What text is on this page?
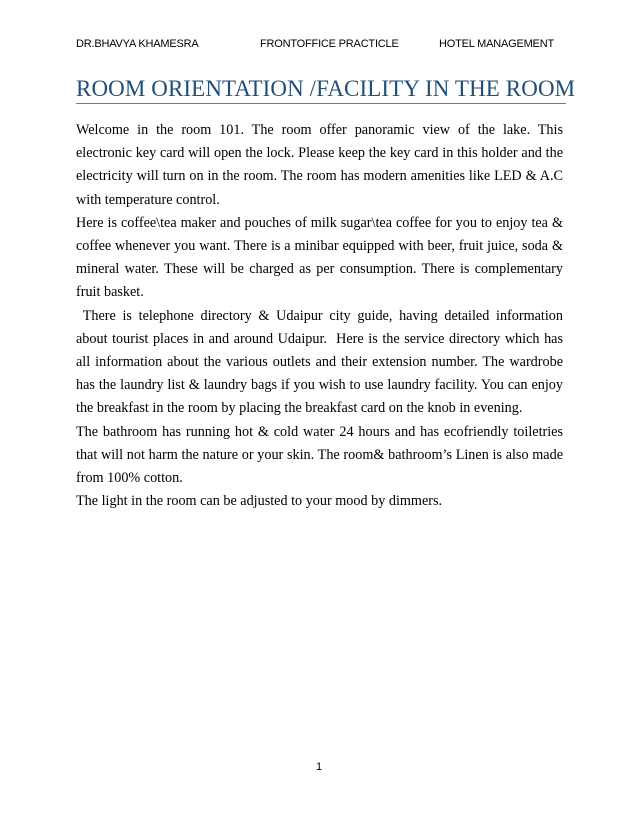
DR.BHAVYA KHAMESRA	FRONTOFFICE PRACTICLE	HOTEL MANAGEMENT
ROOM ORIENTATION /FACILITY IN THE ROOM

Welcome in the room 101. The room offer panoramic view of the lake. This electronic key card will open the lock. Please keep the key card in this holder and the electricity will turn on in the room. The room has modern amenities like LED & A.C with temperature control.

Here is coffee\tea maker and pouches of milk sugar\tea coffee for you to enjoy tea & coffee whenever you want. There is a minibar equipped with beer, fruit juice, soda & mineral water. These will be charged as per consumption. There is complementary fruit basket.

There is telephone directory & Udaipur city guide, having detailed information about tourist places in and around Udaipur.  Here is the service directory which has all information about the various outlets and their extension number. The wardrobe has the laundry list & laundry bags if you wish to use laundry facility. You can enjoy the breakfast in the room by placing the breakfast card on the knob in evening.

The bathroom has running hot & cold water 24 hours and has ecofriendly toiletries that will not harm the nature or your skin. The room& bathroom’s Linen is also made from 100% cotton.

The light in the room can be adjusted to your mood by dimmers.

1
